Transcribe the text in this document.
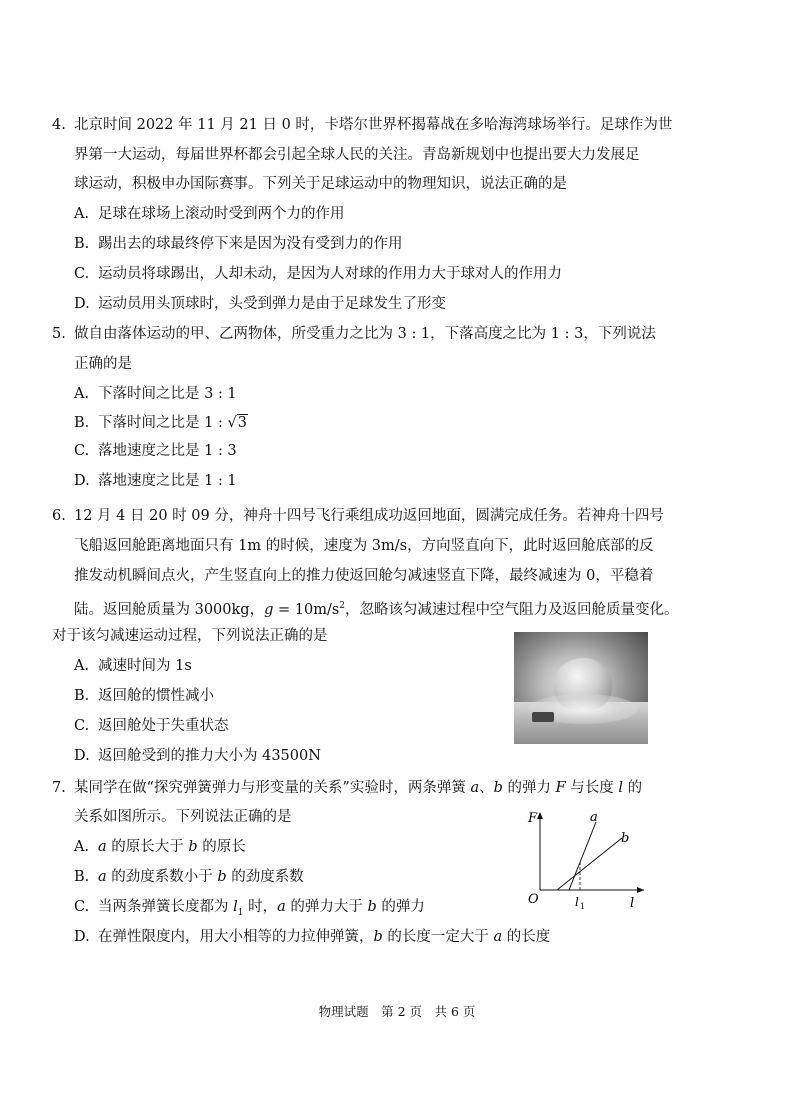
4. 北京时间 2022 年 11 月 21 日 0 时，卡塔尔世界杯揭幕战在多哈海湾球场举行。足球作为世
界第一大运动，每届世界杯都会引起全球人民的关注。青岛新规划中也提出要大力发展足
球运动，积极申办国际赛事。下列关于足球运动中的物理知识，说法正确的是
A. 足球在球场上滚动时受到两个力的作用
B. 踢出去的球最终停下来是因为没有受到力的作用
C. 运动员将球踢出，人却未动，是因为人对球的作用力大于球对人的作用力
D. 运动员用头顶球时，头受到弹力是由于足球发生了形变
5. 做自由落体运动的甲、乙两物体，所受重力之比为 3 : 1，下落高度之比为 1 : 3，下列说法
正确的是
A. 下落时间之比是 3 : 1
B. 下落时间之比是 1 : √3
C. 落地速度之比是 1 : 3
D. 落地速度之比是 1 : 1
6. 12 月 4 日 20 时 09 分，神舟十四号飞行乘组成功返回地面，圆满完成任务。若神舟十四号
飞船返回舱距离地面只有 1m 的时候，速度为 3m/s，方向竖直向下，此时返回舱底部的反
推发动机瞬间点火，产生竖直向上的推力使返回舱匀减速竖直下降，最终减速为 0，平稳着
陆。返回舱质量为 3000kg，$g = 10m/s^2$，忽略该匀减速过程中空气阻力及返回舱质量变化。
对于该匀减速运动过程，下列说法正确的是
A. 减速时间为 1s
B. 返回舱的惯性减小
C. 返回舱处于失重状态
D. 返回舱受到的推力大小为 43500N
7. 某同学在做“探究弹簧弹力与形变量的关系”实验时，两条弹簧 a、b 的弹力 F 与长度 l 的
关系如图所示。下列说法正确的是
A. a 的原长大于 b 的原长
B. a 的劲度系数小于 b 的劲度系数
C. 当两条弹簧长度都为 $l_1$ 时，a 的弹力大于 b 的弹力
D. 在弹性限度内，用大小相等的力拉伸弹簧，b 的长度一定大于 a 的长度
F
O	l
a
b
l 1
物理试题　第 2 页　共 6 页
